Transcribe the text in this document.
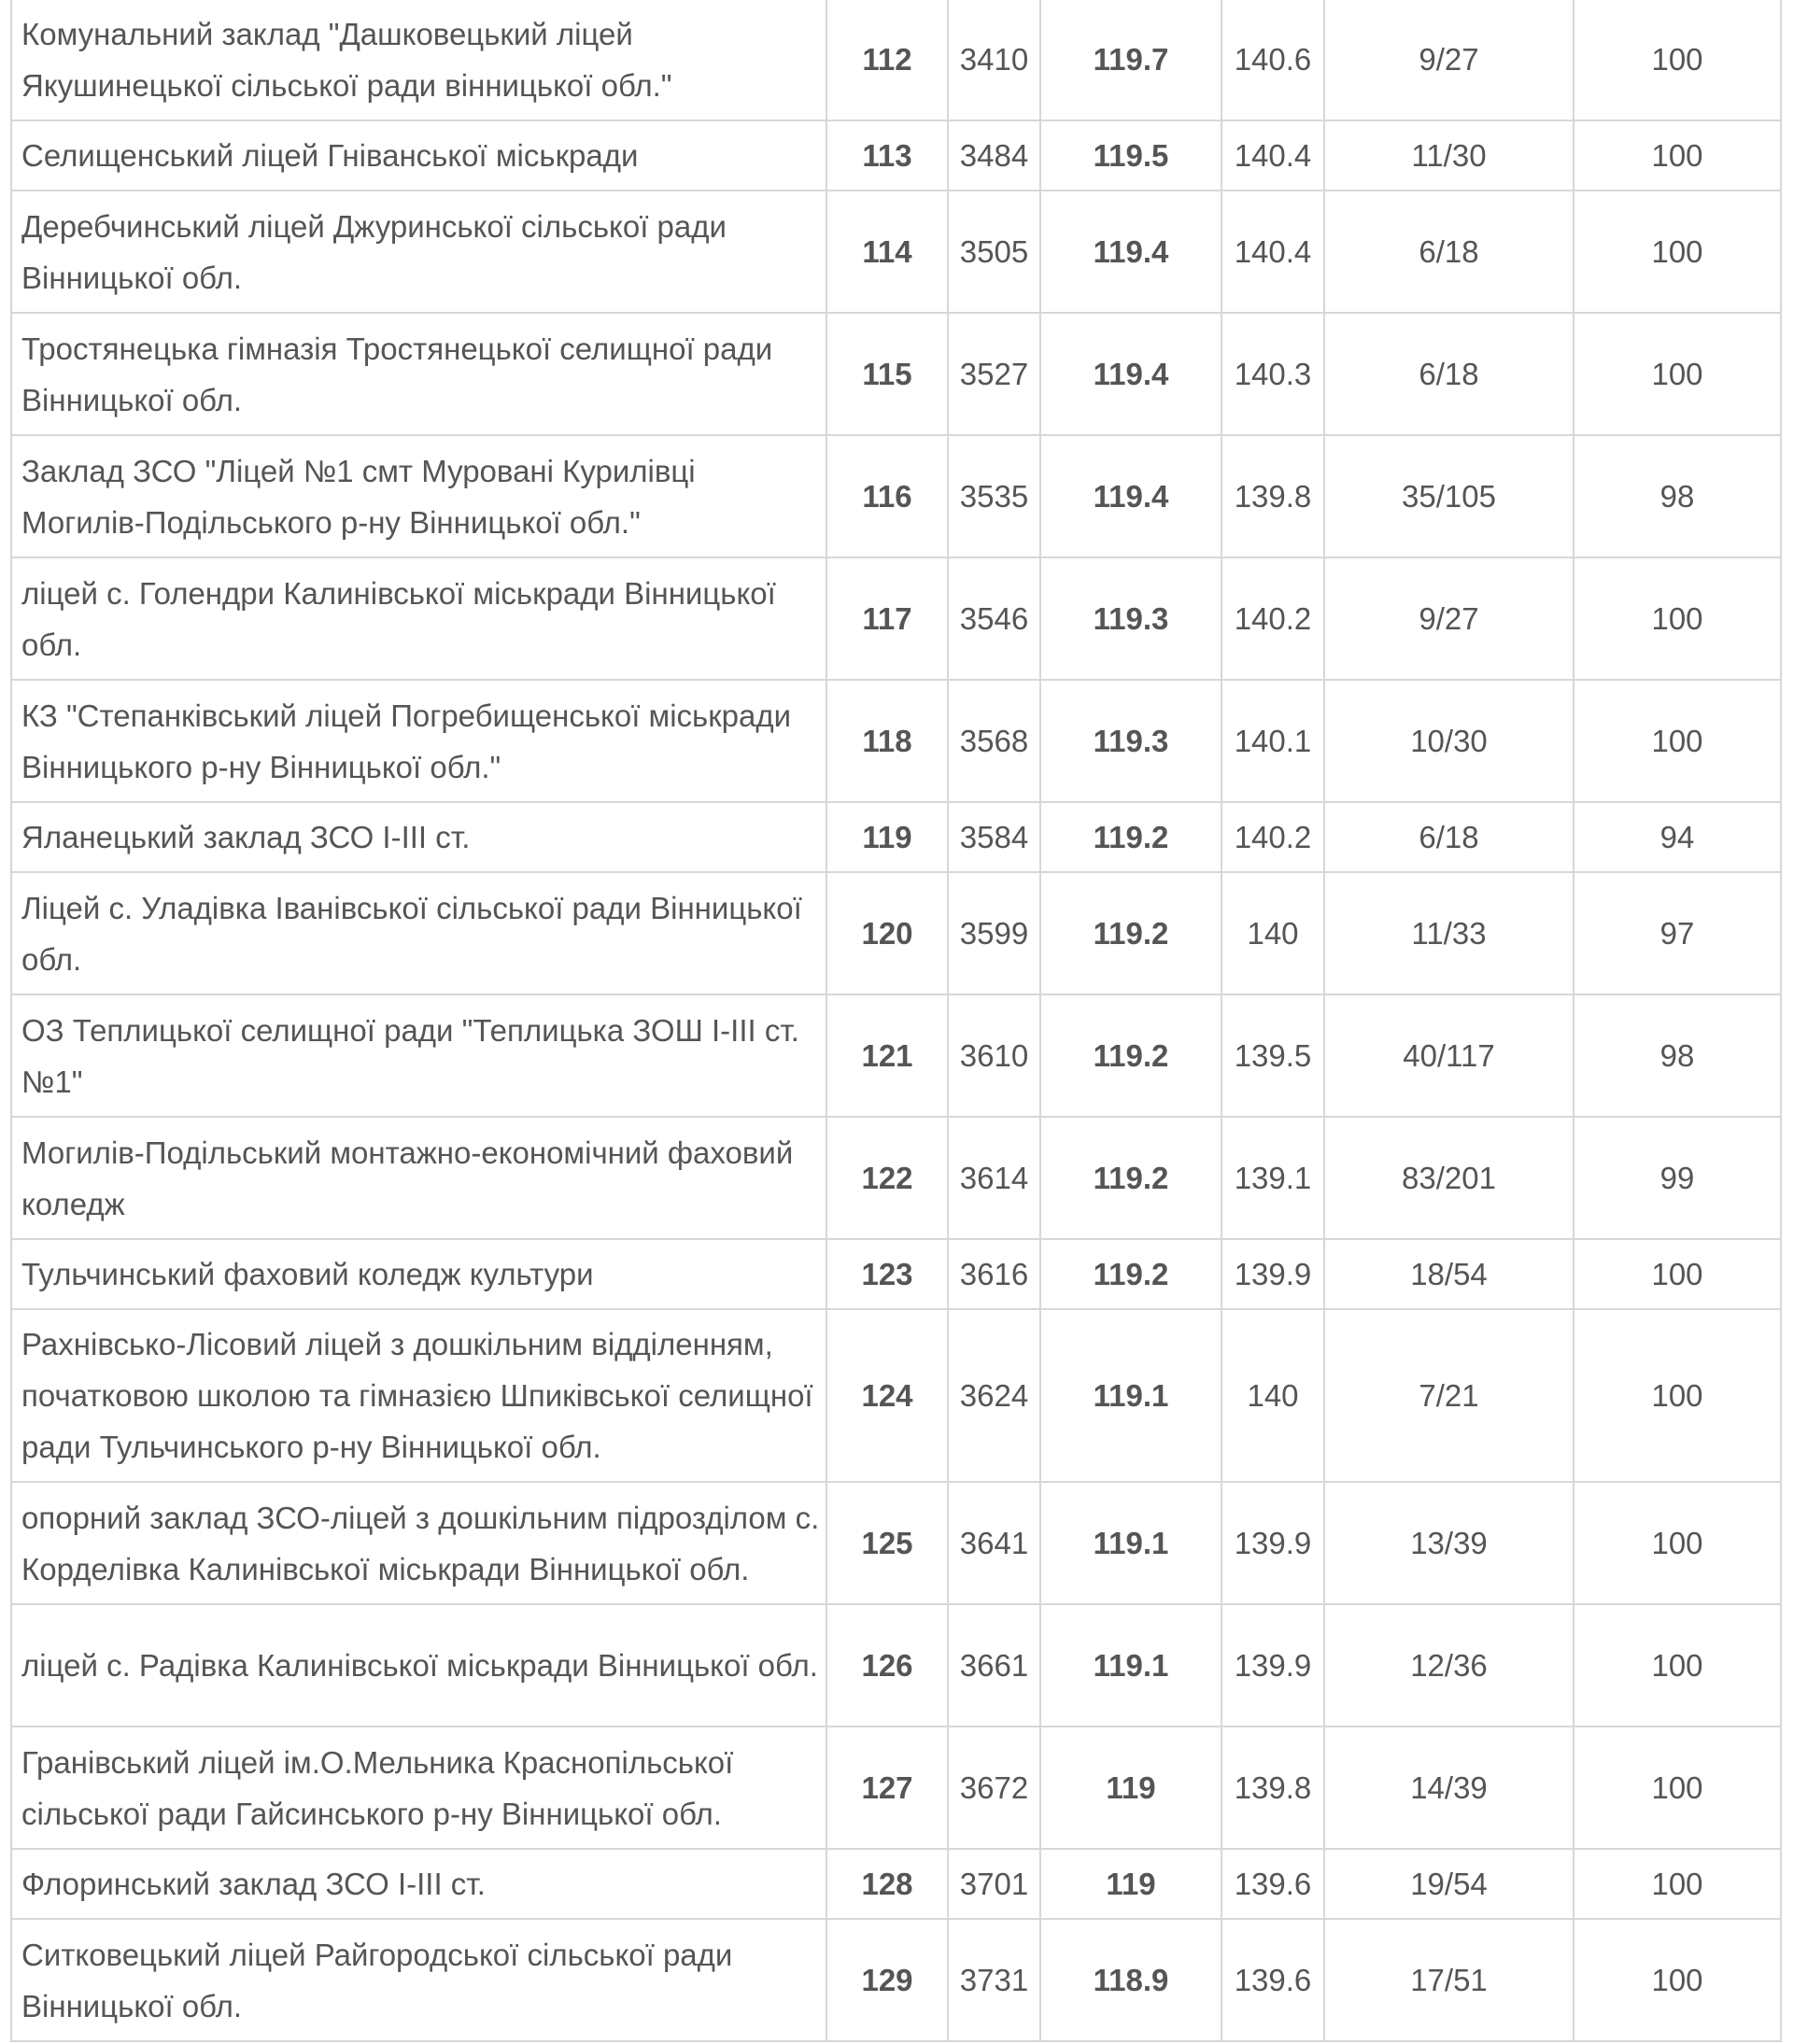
Комунальний заклад "Дашковецький ліцей Якушинецької сільської ради вінницької обл."	112	3410	119.7	140.6	9/27	100
Селищенський ліцей Гніванської міськради	113	3484	119.5	140.4	11/30	100
Деребчинський ліцей Джуринської сільської ради Вінницької обл.	114	3505	119.4	140.4	6/18	100
Тростянецька гімназія Тростянецької селищної ради Вінницької обл.	115	3527	119.4	140.3	6/18	100
Заклад ЗСО "Ліцей №1 смт Мурованi Курилівці Могилів-Подільського р-ну Вінницької обл."	116	3535	119.4	139.8	35/105	98
ліцей с. Голендри Калинівської міськради Вінницької обл.	117	3546	119.3	140.2	9/27	100
КЗ "Степанківський ліцей Погребищенської міськради Вінницького р-ну Вінницької обл."	118	3568	119.3	140.1	10/30	100
Яланецький заклад ЗСО І-ІІІ ст.	119	3584	119.2	140.2	6/18	94
Ліцей с. Уладівка Іванівської сільської ради Вінницької обл.	120	3599	119.2	140	11/33	97
ОЗ Теплицької селищної ради "Теплицька ЗОШ І-ІІІ ст. №1"	121	3610	119.2	139.5	40/117	98
Могилів-Подільський монтажно-економічний фаховий коледж	122	3614	119.2	139.1	83/201	99
Тульчинський фаховий коледж культури	123	3616	119.2	139.9	18/54	100
Рахнівсько-Лісовий ліцей з дошкільним відділенням, початковою школою та гімназією Шпиківської селищної ради Тульчинського р-ну Вінницької обл.	124	3624	119.1	140	7/21	100
опорний заклад ЗСО-ліцей з дошкільним підрозділом с. Корделівка Калинівської міськради Вінницької обл.	125	3641	119.1	139.9	13/39	100
ліцей с. Радівка Калинівської міськради Вінницької обл.	126	3661	119.1	139.9	12/36	100
Гранівський ліцей ім.О.Мельника Краснопільської сільської ради Гайсинського р-ну Вінницької обл.	127	3672	119	139.8	14/39	100
Флоринський заклад ЗСО І-ІІІ ст.	128	3701	119	139.6	19/54	100
Ситковецький ліцей Райгородської сільської ради Вінницької обл.	129	3731	118.9	139.6	17/51	100
